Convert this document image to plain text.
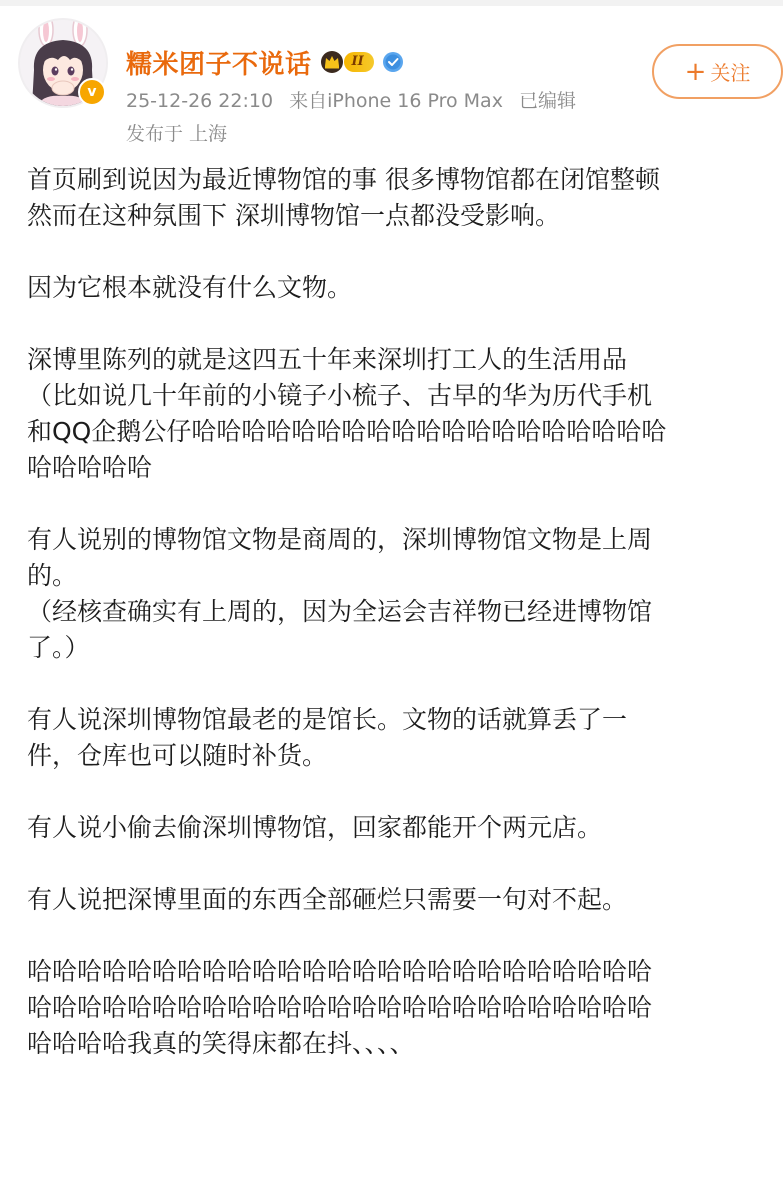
v
糯米团子不说话	II
25-12-26 22:10 来自iPhone 16 Pro Max 已编辑
发布于 上海
+ 关注
首页刷到说因为最近博物馆的事 很多博物馆都在闭馆整顿
然而在这种氛围下 深圳博物馆一点都没受影响。
因为它根本就没有什么文物。
深博里陈列的就是这四五十年来深圳打工人的生活用品
（比如说几十年前的小镜子小梳子、古早的华为历代手机
和QQ企鹅公仔哈哈哈哈哈哈哈哈哈哈哈哈哈哈哈哈哈哈哈
哈哈哈哈哈
有人说别的博物馆文物是商周的，深圳博物馆文物是上周
的。
（经核查确实有上周的，因为全运会吉祥物已经进博物馆
了。）
有人说深圳博物馆最老的是馆长。文物的话就算丢了一
件，仓库也可以随时补货。
有人说小偷去偷深圳博物馆，回家都能开个两元店。
有人说把深博里面的东西全部砸烂只需要一句对不起。
哈哈哈哈哈哈哈哈哈哈哈哈哈哈哈哈哈哈哈哈哈哈哈哈哈
哈哈哈哈哈哈哈哈哈哈哈哈哈哈哈哈哈哈哈哈哈哈哈哈哈
哈哈哈哈我真的笑得床都在抖、、、、
